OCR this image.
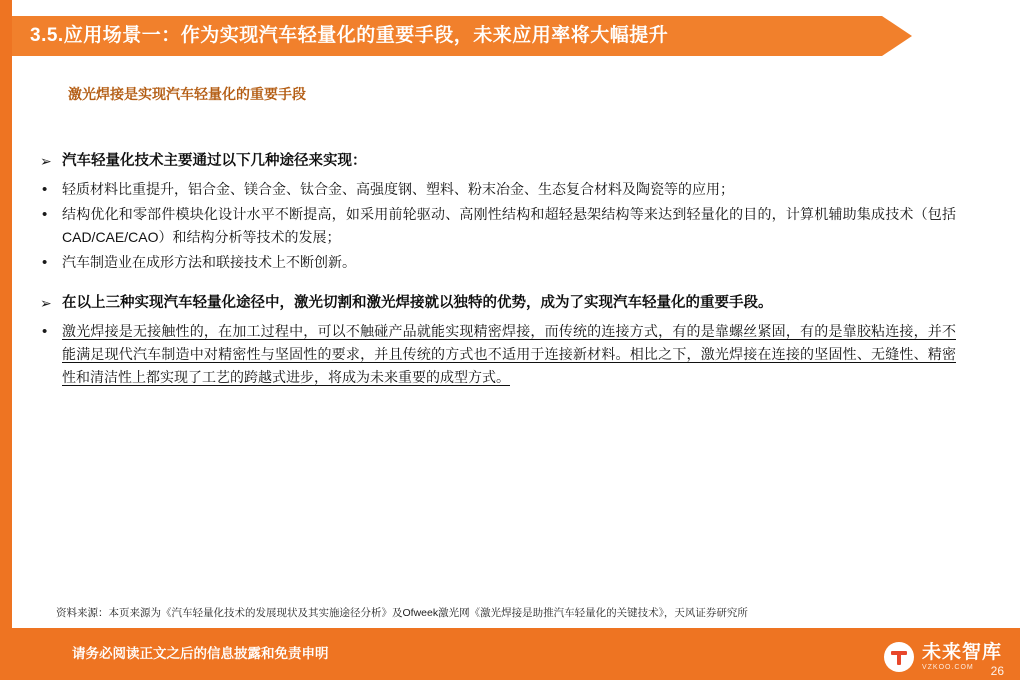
3.5.应用场景一：作为实现汽车轻量化的重要手段，未来应用率将大幅提升
激光焊接是实现汽车轻量化的重要手段
➢ 汽车轻量化技术主要通过以下几种途径来实现：
•	轻质材料比重提升，铝合金、镁合金、钛合金、高强度钢、塑料、粉末冶金、生态复合材料及陶瓷等的应用；
•	结构优化和零部件模块化设计水平不断提高，如采用前轮驱动、高刚性结构和超轻悬架结构等来达到轻量化的目的，计算机辅助集成技术（包括CAD/CAE/CAO）和结构分析等技术的发展；
•	汽车制造业在成形方法和联接技术上不断创新。
➢ 在以上三种实现汽车轻量化途径中，激光切割和激光焊接就以独特的优势，成为了实现汽车轻量化的重要手段。
•	激光焊接是无接触性的，在加工过程中，可以不触碰产品就能实现精密焊接，而传统的连接方式，有的是靠螺丝紧固，有的是靠胶粘连接，并不能满足现代汽车制造中对精密性与坚固性的要求，并且传统的方式也不适用于连接新材料。相比之下，激光焊接在连接的坚固性、无缝性、精密性和清洁性上都实现了工艺的跨越式进步，将成为未来重要的成型方式。
资料来源：本页来源为《汽车轻量化技术的发展现状及其实施途径分析》及Ofweek激光网《激光焊接是助推汽车轻量化的关键技术》，天风证券研究所
请务必阅读正文之后的信息披露和免责申明	未来智库
VZKOO.COM	26
